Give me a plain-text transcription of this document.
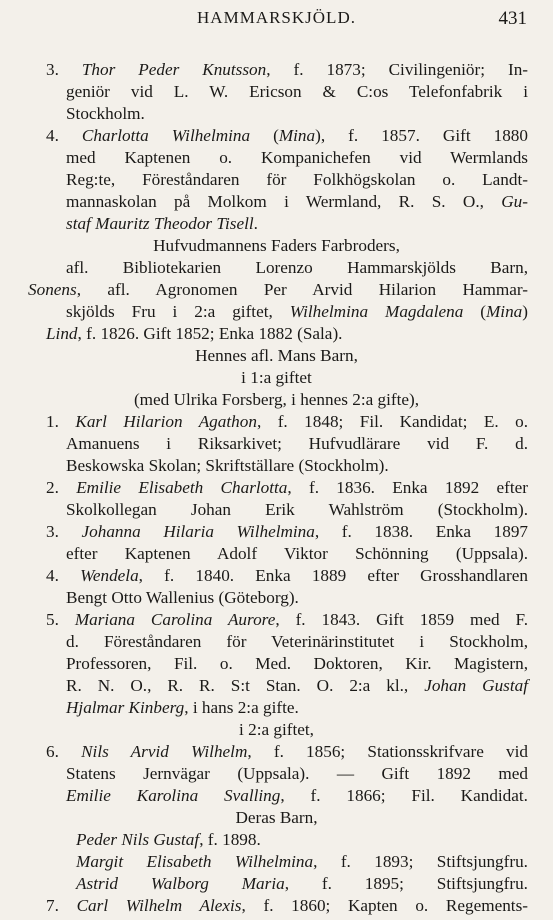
HAMMARSKJÖLD.	431
3. Thor Peder Knutsson, f. 1873; Civilingeniör; In-
geniör vid L. W. Ericson & C:os Telefonfabrik i
Stockholm.
4. Charlotta Wilhelmina (Mina), f. 1857. Gift 1880
med Kaptenen o. Kompanichefen vid Wermlands
Reg:te, Föreståndaren för Folkhögskolan o. Landt-
mannaskolan på Molkom i Wermland, R. S. O., Gu-
staf Mauritz Theodor Tisell.
Hufvudmannens Faders Farbroders,
afl. Bibliotekarien Lorenzo Hammarskjölds Barn,
Sonens, afl. Agronomen Per Arvid Hilarion Hammar-
skjölds Fru i 2:a giftet, Wilhelmina Magdalena (Mina)
Lind, f. 1826. Gift 1852; Enka 1882 (Sala).
Hennes afl. Mans Barn,
i 1:a giftet
(med Ulrika Forsberg, i hennes 2:a gifte),
1. Karl Hilarion Agathon, f. 1848; Fil. Kandidat; E. o.
Amanuens i Riksarkivet; Hufvudlärare vid F. d.
Beskowska Skolan; Skriftställare (Stockholm).
2. Emilie Elisabeth Charlotta, f. 1836. Enka 1892 efter
Skolkollegan Johan Erik Wahlström (Stockholm).
3. Johanna Hilaria Wilhelmina, f. 1838. Enka 1897
efter Kaptenen Adolf Viktor Schönning (Uppsala).
4. Wendela, f. 1840. Enka 1889 efter Grosshandlaren
Bengt Otto Wallenius (Göteborg).
5. Mariana Carolina Aurore, f. 1843. Gift 1859 med F.
d. Föreståndaren för Veterinärinstitutet i Stockholm,
Professoren, Fil. o. Med. Doktoren, Kir. Magistern,
R. N. O., R. R. S:t Stan. O. 2:a kl., Johan Gustaf
Hjalmar Kinberg, i hans 2:a gifte.
i 2:a giftet,
6. Nils Arvid Wilhelm, f. 1856; Stationsskrifvare vid
Statens Jernvägar (Uppsala). — Gift 1892 med
Emilie Karolina Svalling, f. 1866; Fil. Kandidat.
Deras Barn,
Peder Nils Gustaf, f. 1898.
Margit Elisabeth Wilhelmina, f. 1893; Stiftsjungfru.
Astrid Walborg Maria, f. 1895; Stiftsjungfru.
7. Carl Wilhelm Alexis, f. 1860; Kapten o. Regements-
